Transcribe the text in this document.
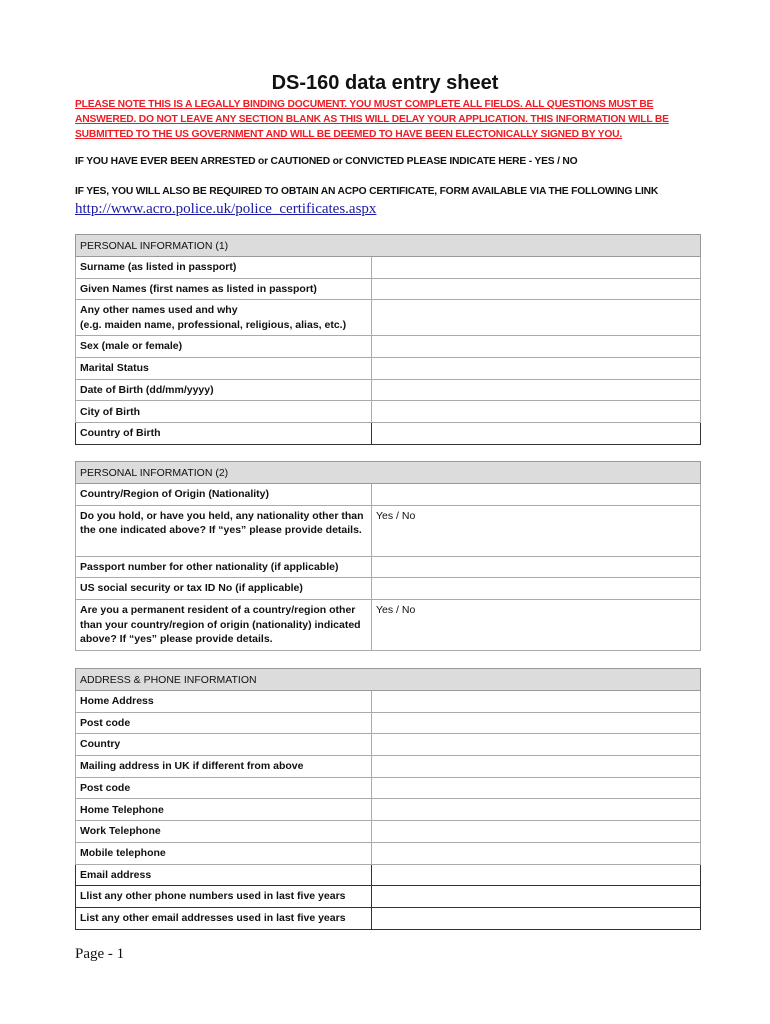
DS-160 data entry sheet
PLEASE NOTE THIS IS A LEGALLY BINDING DOCUMENT. YOU MUST COMPLETE ALL FIELDS. ALL QUESTIONS MUST BE ANSWERED. DO NOT LEAVE ANY SECTION BLANK AS THIS WILL DELAY YOUR APPLICATION. THIS INFORMATION WILL BE SUBMITTED TO THE US GOVERNMENT AND WILL BE DEEMED TO HAVE BEEN ELECTONICALLY SIGNED BY YOU.
IF YOU HAVE EVER BEEN ARRESTED or CAUTIONED or CONVICTED PLEASE INDICATE HERE - YES / NO
IF YES, YOU WILL ALSO BE REQUIRED TO OBTAIN AN ACPO CERTIFICATE, FORM AVAILABLE VIA THE FOLLOWING LINK
http://www.acro.police.uk/police_certificates.aspx
PERSONAL INFORMATION (1)	
Surname (as listed in passport)	
Given Names (first names as listed in passport)	
Any other names used and why
(e.g. maiden name, professional, religious, alias, etc.)	
Sex (male or female)	
Marital Status	
Date of Birth (dd/mm/yyyy)	
City of Birth	
Country of Birth	
PERSONAL INFORMATION (2)	
Country/Region of Origin (Nationality)	
Do you hold, or have you held, any nationality other than the one indicated above? If “yes” please provide details.	Yes / No
Passport number for other nationality (if applicable)	
US social security or tax ID No (if applicable)	
Are you a permanent resident of a country/region other than your country/region of origin (nationality) indicated above? If “yes” please provide details.	Yes / No
ADDRESS & PHONE INFORMATION	
Home Address	
Post code	
Country	
Mailing address in UK if different from above	
Post code	
Home Telephone	
Work Telephone	
Mobile telephone	
Email address	
Llist any other phone numbers used in last five years	
List any other email addresses used in last five years	
Page - 1
